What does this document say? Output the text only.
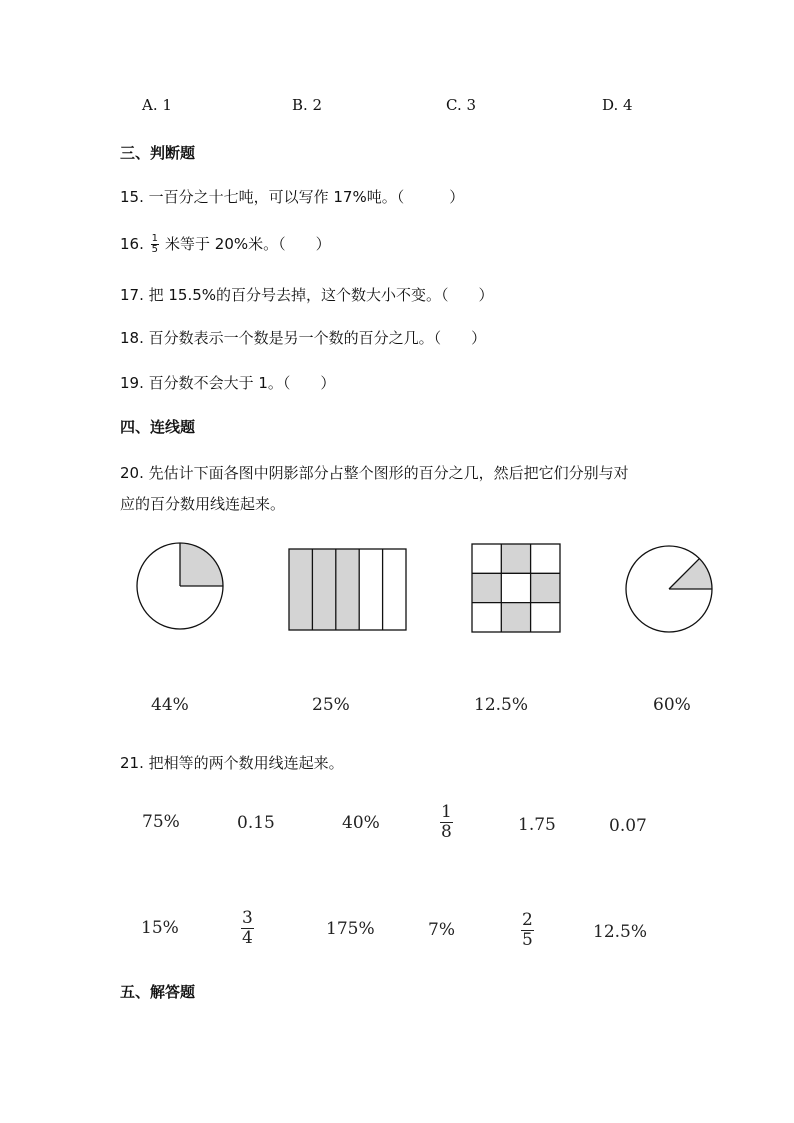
A. 1	B. 2	C. 3	D. 4
三、判断题
15. 一百分之十七吨，可以写作 17%吨。（　　　）
16. $\frac{1}{5}$ 米等于 20%米。（　　）
17. 把 15.5%的百分号去掉，这个数大小不变。（　　）
18. 百分数表示一个数是另一个数的百分之几。（　　）
19. 百分数不会大于 1。（　　）
四、连线题
20. 先估计下面各图中阴影部分占整个图形的百分之几，然后把它们分别与对
应的百分数用线连起来。
44%	25%	12.5%	60%
21. 把相等的两个数用线连起来。
75%	0.15	40%	$\frac{1}{8}$	1.75	0.07
15%	$\frac{3}{4}$	175%	7%	$\frac{2}{5}$	12.5%
五、解答题
